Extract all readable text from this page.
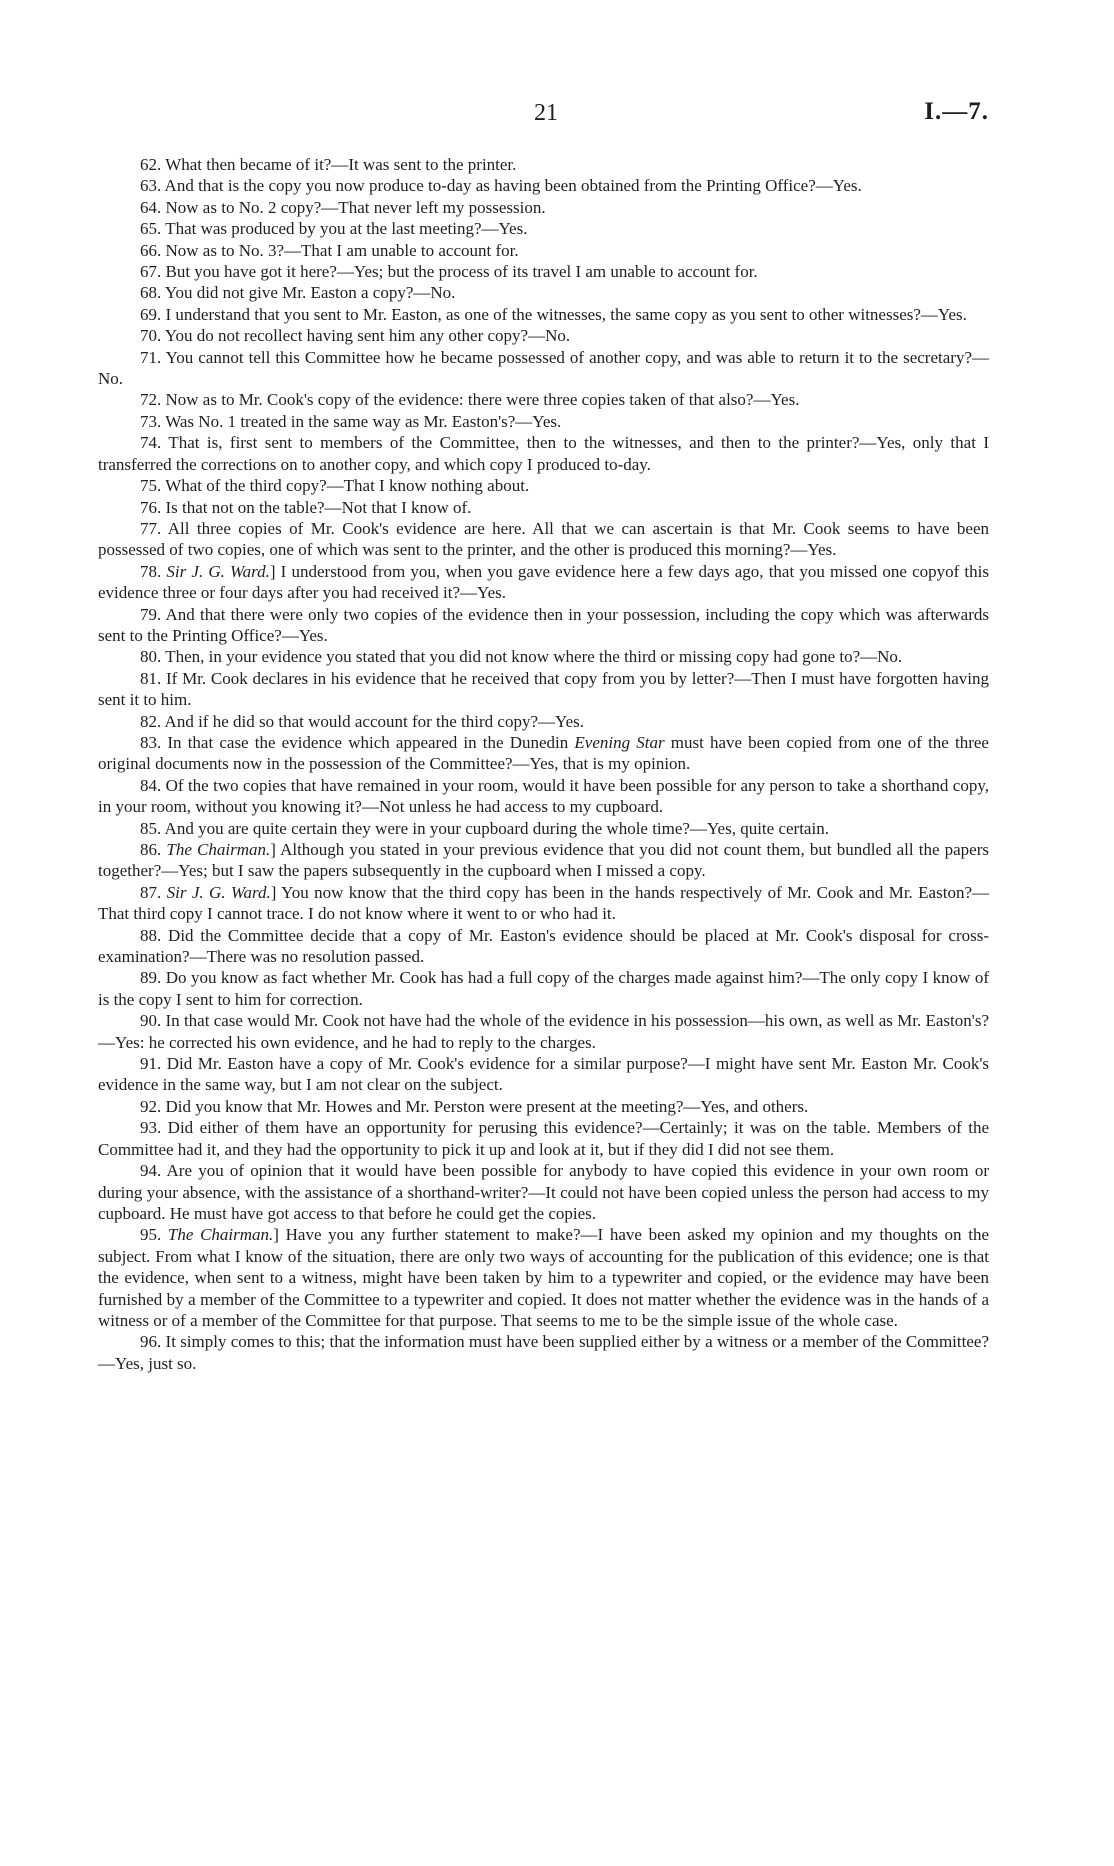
21	I.—7.

62. What then became of it?—It was sent to the printer.

63. And that is the copy you now produce to-day as having been obtained from the Printing Office?—Yes.

64. Now as to No. 2 copy?—That never left my possession.

65. That was produced by you at the last meeting?—Yes.

66. Now as to No. 3?—That I am unable to account for.

67. But you have got it here?—Yes; but the process of its travel I am unable to account for.

68. You did not give Mr. Easton a copy?—No.

69. I understand that you sent to Mr. Easton, as one of the witnesses, the same copy as you sent to other witnesses?—Yes.

70. You do not recollect having sent him any other copy?—No.

71. You cannot tell this Committee how he became possessed of another copy, and was able to return it to the secretary?—No.

72. Now as to Mr. Cook's copy of the evidence: there were three copies taken of that also?—Yes.

73. Was No. 1 treated in the same way as Mr. Easton's?—Yes.

74. That is, first sent to members of the Committee, then to the witnesses, and then to the printer?—Yes, only that I transferred the corrections on to another copy, and which copy I produced to-day.

75. What of the third copy?—That I know nothing about.

76. Is that not on the table?—Not that I know of.

77. All three copies of Mr. Cook's evidence are here. All that we can ascertain is that Mr. Cook seems to have been possessed of two copies, one of which was sent to the printer, and the other is produced this morning?—Yes.

78. Sir J. G. Ward.] I understood from you, when you gave evidence here a few days ago, that you missed one copyof this evidence three or four days after you had received it?—Yes.

79. And that there were only two copies of the evidence then in your possession, including the copy which was afterwards sent to the Printing Office?—Yes.

80. Then, in your evidence you stated that you did not know where the third or missing copy had gone to?—No.

81. If Mr. Cook declares in his evidence that he received that copy from you by letter?—Then I must have forgotten having sent it to him.

82. And if he did so that would account for the third copy?—Yes.

83. In that case the evidence which appeared in the Dunedin Evening Star must have been copied from one of the three original documents now in the possession of the Committee?—Yes, that is my opinion.

84. Of the two copies that have remained in your room, would it have been possible for any person to take a shorthand copy, in your room, without you knowing it?—Not unless he had access to my cupboard.

85. And you are quite certain they were in your cupboard during the whole time?—Yes, quite certain.

86. The Chairman.] Although you stated in your previous evidence that you did not count them, but bundled all the papers together?—Yes; but I saw the papers subsequently in the cupboard when I missed a copy.

87. Sir J. G. Ward.] You now know that the third copy has been in the hands respectively of Mr. Cook and Mr. Easton?—That third copy I cannot trace. I do not know where it went to or who had it.

88. Did the Committee decide that a copy of Mr. Easton's evidence should be placed at Mr. Cook's disposal for cross-examination?—There was no resolution passed.

89. Do you know as fact whether Mr. Cook has had a full copy of the charges made against him?—The only copy I know of is the copy I sent to him for correction.

90. In that case would Mr. Cook not have had the whole of the evidence in his possession—his own, as well as Mr. Easton's?—Yes: he corrected his own evidence, and he had to reply to the charges.

91. Did Mr. Easton have a copy of Mr. Cook's evidence for a similar purpose?—I might have sent Mr. Easton Mr. Cook's evidence in the same way, but I am not clear on the subject.

92. Did you know that Mr. Howes and Mr. Perston were present at the meeting?—Yes, and others.

93. Did either of them have an opportunity for perusing this evidence?—Certainly; it was on the table. Members of the Committee had it, and they had the opportunity to pick it up and look at it, but if they did I did not see them.

94. Are you of opinion that it would have been possible for anybody to have copied this evidence in your own room or during your absence, with the assistance of a shorthand-writer?—It could not have been copied unless the person had access to my cupboard. He must have got access to that before he could get the copies.

95. The Chairman.] Have you any further statement to make?—I have been asked my opinion and my thoughts on the subject. From what I know of the situation, there are only two ways of accounting for the publication of this evidence; one is that the evidence, when sent to a witness, might have been taken by him to a typewriter and copied, or the evidence may have been furnished by a member of the Committee to a typewriter and copied. It does not matter whether the evidence was in the hands of a witness or of a member of the Committee for that purpose. That seems to me to be the simple issue of the whole case.

96. It simply comes to this; that the information must have been supplied either by a witness or a member of the Committee?—Yes, just so.
